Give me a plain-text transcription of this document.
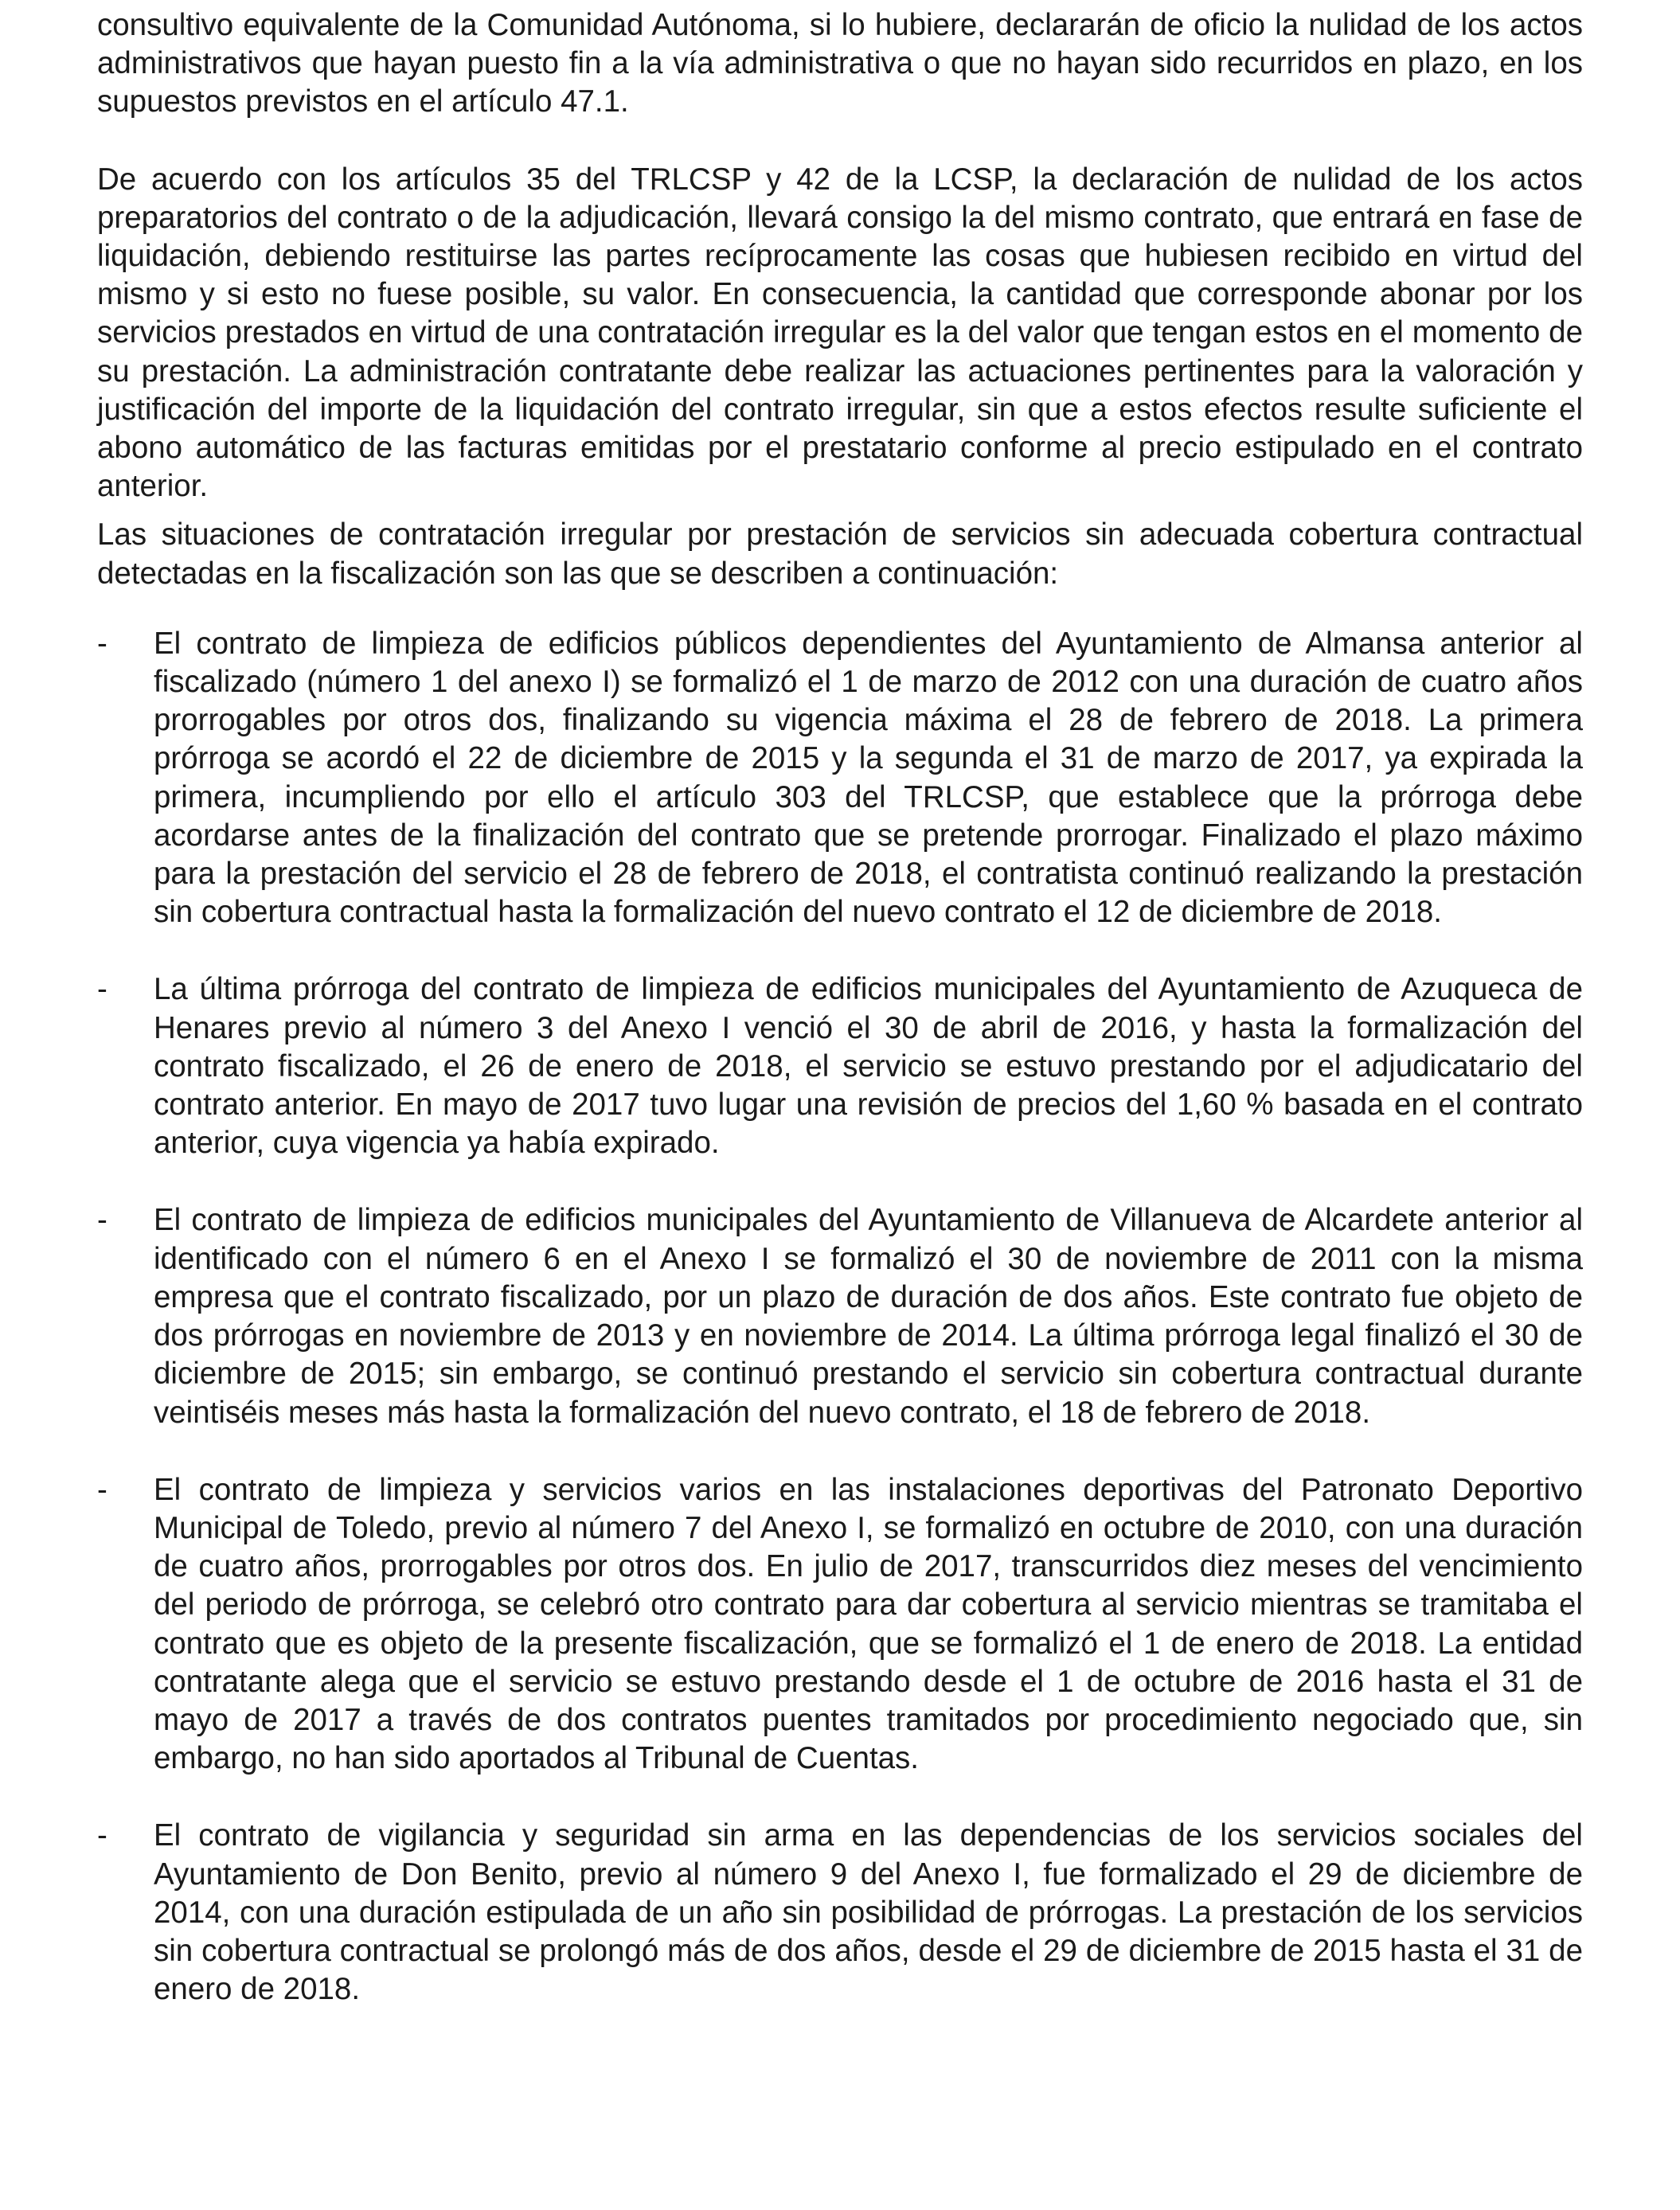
consultivo equivalente de la Comunidad Autónoma, si lo hubiere, declararán de oficio la nulidad de los actos administrativos que hayan puesto fin a la vía administrativa o que no hayan sido recurridos en plazo, en los supuestos previstos en el artículo 47.1.

De acuerdo con los artículos 35 del TRLCSP y 42 de la LCSP, la declaración de nulidad de los actos preparatorios del contrato o de la adjudicación, llevará consigo la del mismo contrato, que entrará en fase de liquidación, debiendo restituirse las partes recíprocamente las cosas que hubiesen recibido en virtud del mismo y si esto no fuese posible, su valor. En consecuencia, la cantidad que corresponde abonar por los servicios prestados en virtud de una contratación irregular es la del valor que tengan estos en el momento de su prestación. La administración contratante debe realizar las actuaciones pertinentes para la valoración y justificación del importe de la liquidación del contrato irregular, sin que a estos efectos resulte suficiente el abono automático de las facturas emitidas por el prestatario conforme al precio estipulado en el contrato anterior.

Las situaciones de contratación irregular por prestación de servicios sin adecuada cobertura contractual detectadas en la fiscalización son las que se describen a continuación:

- El contrato de limpieza de edificios públicos dependientes del Ayuntamiento de Almansa anterior al fiscalizado (número 1 del anexo I) se formalizó el 1 de marzo de 2012 con una duración de cuatro años prorrogables por otros dos, finalizando su vigencia máxima el 28 de febrero de 2018. La primera prórroga se acordó el 22 de diciembre de 2015 y la segunda el 31 de marzo de 2017, ya expirada la primera, incumpliendo por ello el artículo 303 del TRLCSP, que establece que la prórroga debe acordarse antes de la finalización del contrato que se pretende prorrogar. Finalizado el plazo máximo para la prestación del servicio el 28 de febrero de 2018, el contratista continuó realizando la prestación sin cobertura contractual hasta la formalización del nuevo contrato el 12 de diciembre de 2018.
- La última prórroga del contrato de limpieza de edificios municipales del Ayuntamiento de Azuqueca de Henares previo al número 3 del Anexo I venció el 30 de abril de 2016, y hasta la formalización del contrato fiscalizado, el 26 de enero de 2018, el servicio se estuvo prestando por el adjudicatario del contrato anterior. En mayo de 2017 tuvo lugar una revisión de precios del 1,60 % basada en el contrato anterior, cuya vigencia ya había expirado.
- El contrato de limpieza de edificios municipales del Ayuntamiento de Villanueva de Alcardete anterior al identificado con el número 6 en el Anexo I se formalizó el 30 de noviembre de 2011 con la misma empresa que el contrato fiscalizado, por un plazo de duración de dos años. Este contrato fue objeto de dos prórrogas en noviembre de 2013 y en noviembre de 2014. La última prórroga legal finalizó el 30 de diciembre de 2015; sin embargo, se continuó prestando el servicio sin cobertura contractual durante veintiséis meses más hasta la formalización del nuevo contrato, el 18 de febrero de 2018.
- El contrato de limpieza y servicios varios en las instalaciones deportivas del Patronato Deportivo Municipal de Toledo, previo al número 7 del Anexo I, se formalizó en octubre de 2010, con una duración de cuatro años, prorrogables por otros dos. En julio de 2017, transcurridos diez meses del vencimiento del periodo de prórroga, se celebró otro contrato para dar cobertura al servicio mientras se tramitaba el contrato que es objeto de la presente fiscalización, que se formalizó el 1 de enero de 2018. La entidad contratante alega que el servicio se estuvo prestando desde el 1 de octubre de 2016 hasta el 31 de mayo de 2017 a través de dos contratos puentes tramitados por procedimiento negociado que, sin embargo, no han sido aportados al Tribunal de Cuentas.
- El contrato de vigilancia y seguridad sin arma en las dependencias de los servicios sociales del Ayuntamiento de Don Benito, previo al número 9 del Anexo I, fue formalizado el 29 de diciembre de 2014, con una duración estipulada de un año sin posibilidad de prórrogas. La prestación de los servicios sin cobertura contractual se prolongó más de dos años, desde el 29 de diciembre de 2015 hasta el 31 de enero de 2018.
